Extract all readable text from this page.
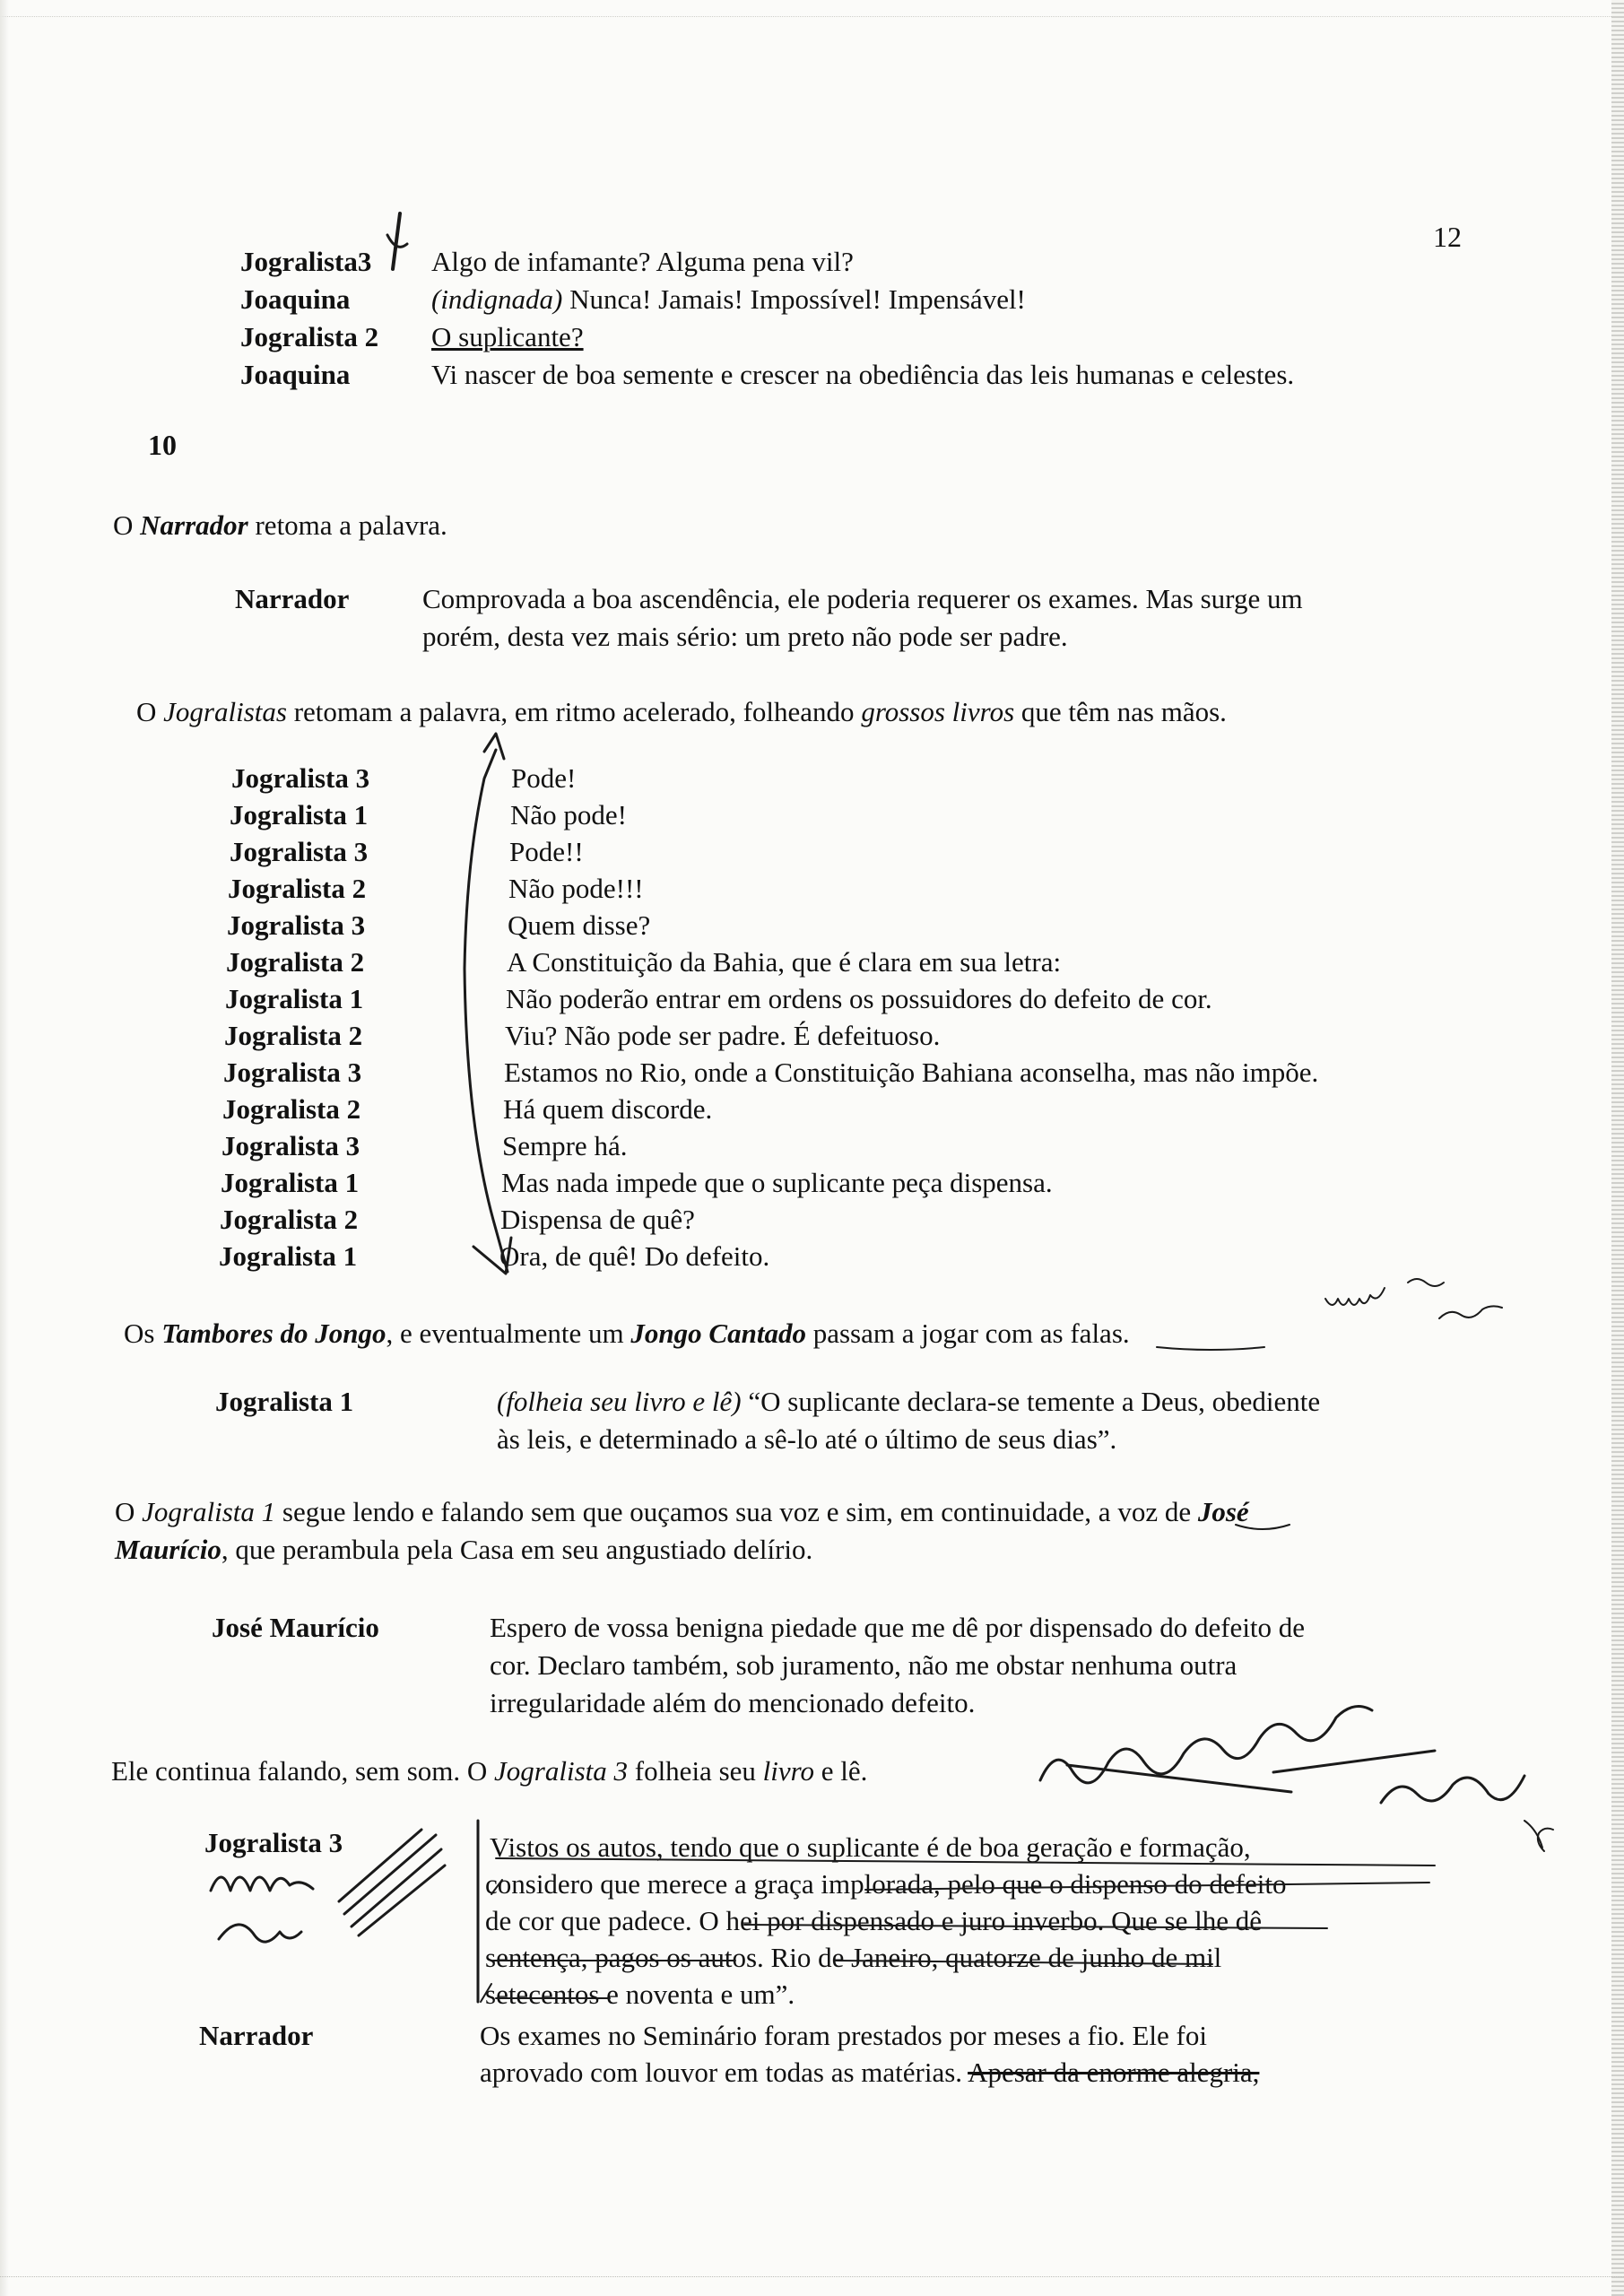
12
Jogralista3 Algo de infamante? Alguma pena vil?
Joaquina	(indignada) Nunca! Jamais! Impossível! Impensável!
Jogralista 2 O suplicante?
Joaquina	Vi nascer de boa semente e crescer na obediência das leis humanas e celestes.
10
O Narrador retoma a palavra.
Narrador	Comprovada a boa ascendência, ele poderia requerer os exames. Mas surge um
porém, desta vez mais sério: um preto não pode ser padre.
O Jogralistas retomam a palavra, em ritmo acelerado, folheando grossos livros que têm nas mãos.
Jogralista 3	Pode!
Jogralista 1	Não pode!
Jogralista 3	Pode!!
Jogralista 2	Não pode!!!
Jogralista 3	Quem disse?
Jogralista 2	A Constituição da Bahia, que é clara em sua letra:
Jogralista 1	Não poderão entrar em ordens os possuidores do defeito de cor.
Jogralista 2	Viu? Não pode ser padre. É defeituoso.
Jogralista 3	Estamos no Rio, onde a Constituição Bahiana aconselha, mas não impõe.
Jogralista 2	Há quem discorde.
Jogralista 3	Sempre há.
Jogralista 1	Mas nada impede que o suplicante peça dispensa.
Jogralista 2	Dispensa de quê?
Jogralista 1	Ora, de quê! Do defeito.
Os Tambores do Jongo, e eventualmente um Jongo Cantado passam a jogar com as falas.
Jogralista 1	(folheia seu livro e lê) “O suplicante declara-se temente a Deus, obediente
às leis, e determinado a sê-lo até o último de seus dias”.
O Jogralista 1 segue lendo e falando sem que ouçamos sua voz e sim, em continuidade, a voz de José
Maurício, que perambula pela Casa em seu angustiado delírio.
José Maurício	Espero de vossa benigna piedade que me dê por dispensado do defeito de
cor. Declaro também, sob juramento, não me obstar nenhuma outra
irregularidade além do mencionado defeito.
Ele continua falando, sem som. O Jogralista 3 folheia seu livro e lê.
Jogralista 3	Vistos os autos, tendo que o suplicante é de boa geração e formação,
considero que merece a graça implorada, pelo que o dispenso do defeito
de cor que padece. O hei por dispensado e juro inverbo. Que se lhe dê
sentença, pagos os autos. Rio de Janeiro, quatorze de junho de mil
setecentos e noventa e um”.
Narrador	Os exames no Seminário foram prestados por meses a fio. Ele foi
aprovado com louvor em todas as matérias. Apesar da enorme alegria,
